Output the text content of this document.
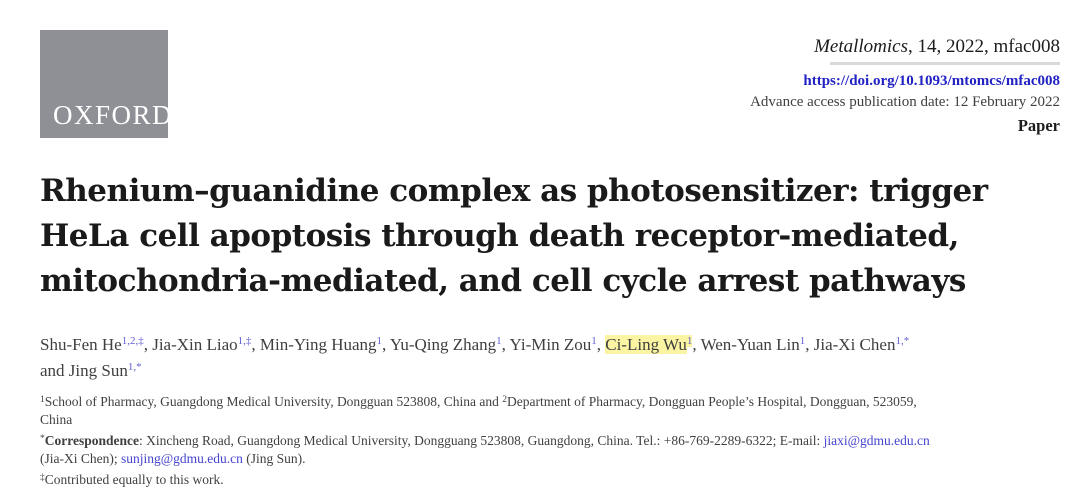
OXFORD
Metallomics, 14, 2022, mfac008
https://doi.org/10.1093/mtomcs/mfac008
Advance access publication date: 12 February 2022
Paper
Rhenium–guanidine complex as photosensitizer: trigger
HeLa cell apoptosis through death receptor-mediated,
mitochondria-mediated, and cell cycle arrest pathways
Shu-Fen $He^{1,2,\ddagger}$, Jia-Xin Liao$^{1,\ddagger}$, Min-Ying Huang$^1$, Yu-Qing Zhang$^1$, Yi-Min Zou$^1$, Ci-Ling Wu$^1$, Wen-Yuan Lin$^1$, Jia-Xi Chen$^{1,*}$
and Jing Sun$^{1,*}$

$^1$School of Pharmacy, Guangdong Medical University, Dongguan 523808, China and $^2$Department of Pharmacy, Dongguan People’s Hospital, Dongguan, 523059,
China

*Correspondence: Xincheng Road, Guangdong Medical University, Dongguang 523808, Guangdong, China. Tel.: +86-769-2289-6322; E-mail: jiaxi@gdmu.edu.cn
(Jia-Xi Chen); sunjing@gdmu.edu.cn (Jing Sun).

‡Contributed equally to this work.
